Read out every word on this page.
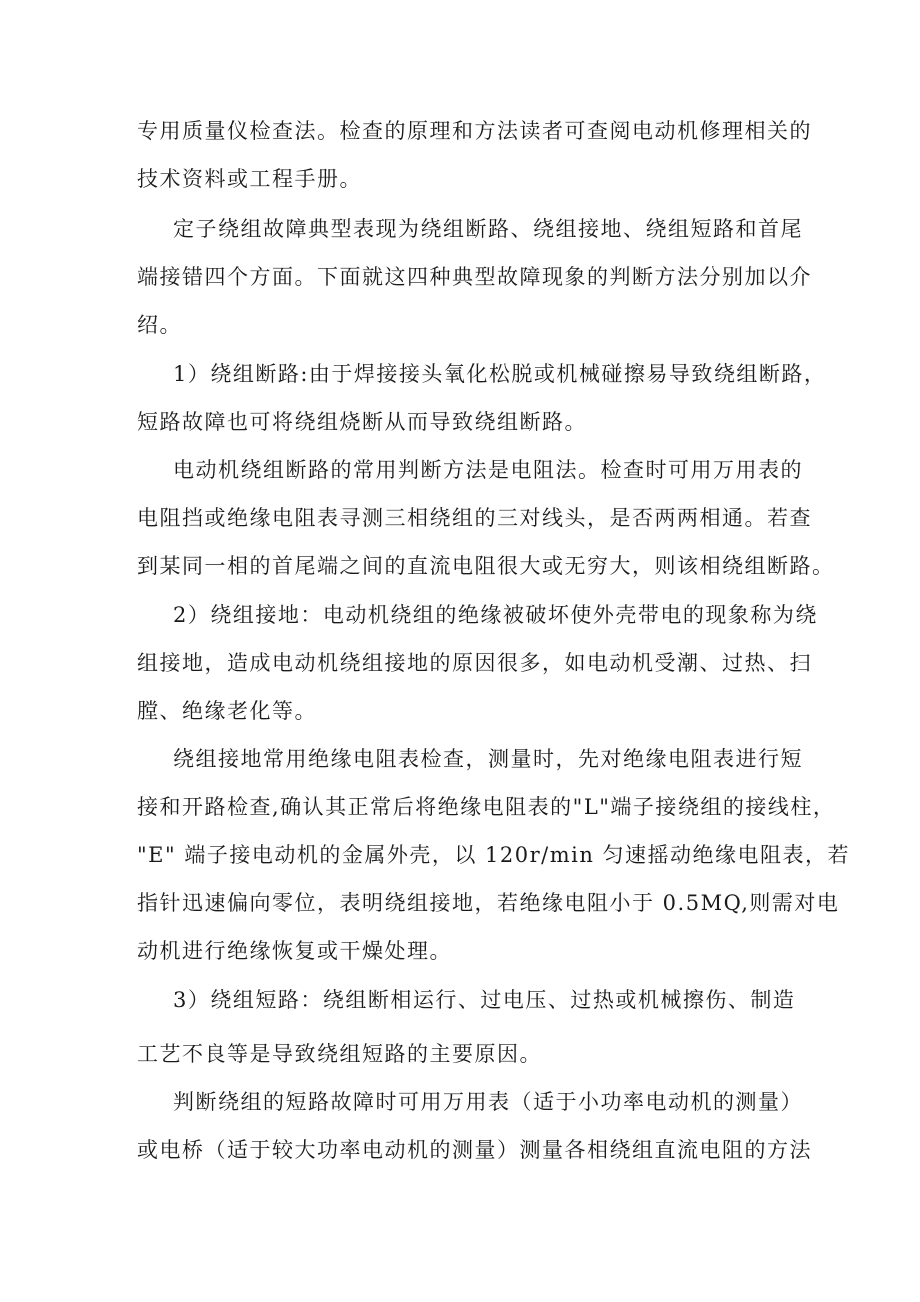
专用质量仪检查法。检查的原理和方法读者可查阅电动机修理相关的
技术资料或工程手册。

定子绕组故障典型表现为绕组断路、绕组接地、绕组短路和首尾
端接错四个方面。下面就这四种典型故障现象的判断方法分别加以介
绍。

1）绕组断路:由于焊接接头氧化松脱或机械碰擦易导致绕组断路，
短路故障也可将绕组烧断从而导致绕组断路。

电动机绕组断路的常用判断方法是电阻法。检查时可用万用表的
电阻挡或绝缘电阻表寻测三相绕组的三对线头，是否两两相通。若查
到某同一相的首尾端之间的直流电阻很大或无穷大，则该相绕组断路。

2）绕组接地：电动机绕组的绝缘被破坏使外壳带电的现象称为绕
组接地，造成电动机绕组接地的原因很多，如电动机受潮、过热、扫
膛、绝缘老化等。

绕组接地常用绝缘电阻表检查，测量时，先对绝缘电阻表进行短
接和开路检查,确认其正常后将绝缘电阻表的"L"端子接绕组的接线柱，
"E" 端子接电动机的金属外壳，以 120r/min 匀速摇动绝缘电阻表，若
指针迅速偏向零位，表明绕组接地，若绝缘电阻小于 0.5MQ,则需对电
动机进行绝缘恢复或干燥处理。

3）绕组短路：绕组断相运行、过电压、过热或机械擦伤、制造
工艺不良等是导致绕组短路的主要原因。

判断绕组的短路故障时可用万用表（适于小功率电动机的测量）
或电桥（适于较大功率电动机的测量）测量各相绕组直流电阻的方法
